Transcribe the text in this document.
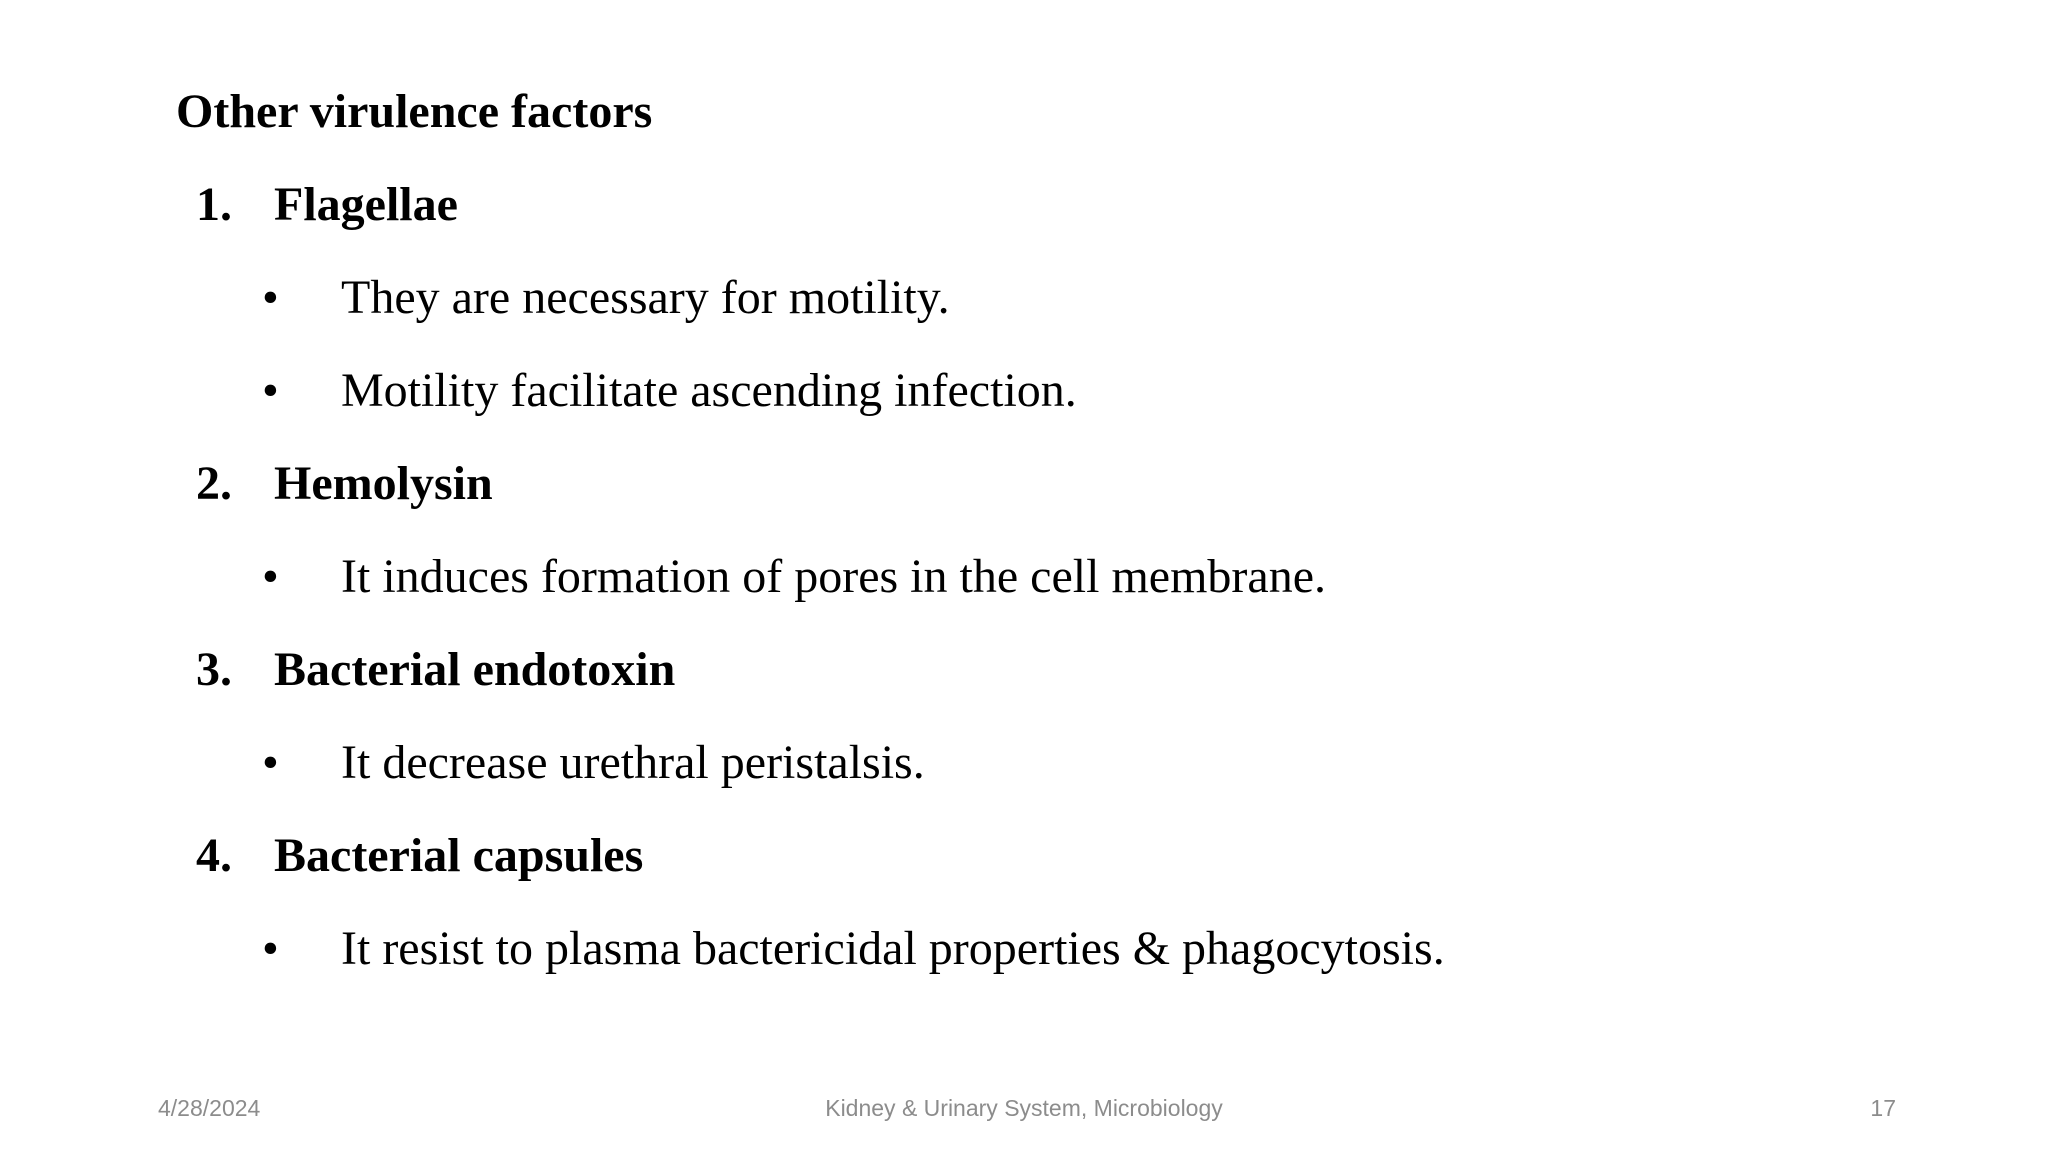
Other virulence factors
1. Flagellae
• They are necessary for motility.
• Motility facilitate ascending infection.
2. Hemolysin
• It induces formation of pores in the cell membrane.
3. Bacterial endotoxin
• It decrease urethral peristalsis.
4. Bacterial capsules
• It resist to plasma bactericidal properties & phagocytosis.
4/28/2024	Kidney & Urinary System, Microbiology	17
